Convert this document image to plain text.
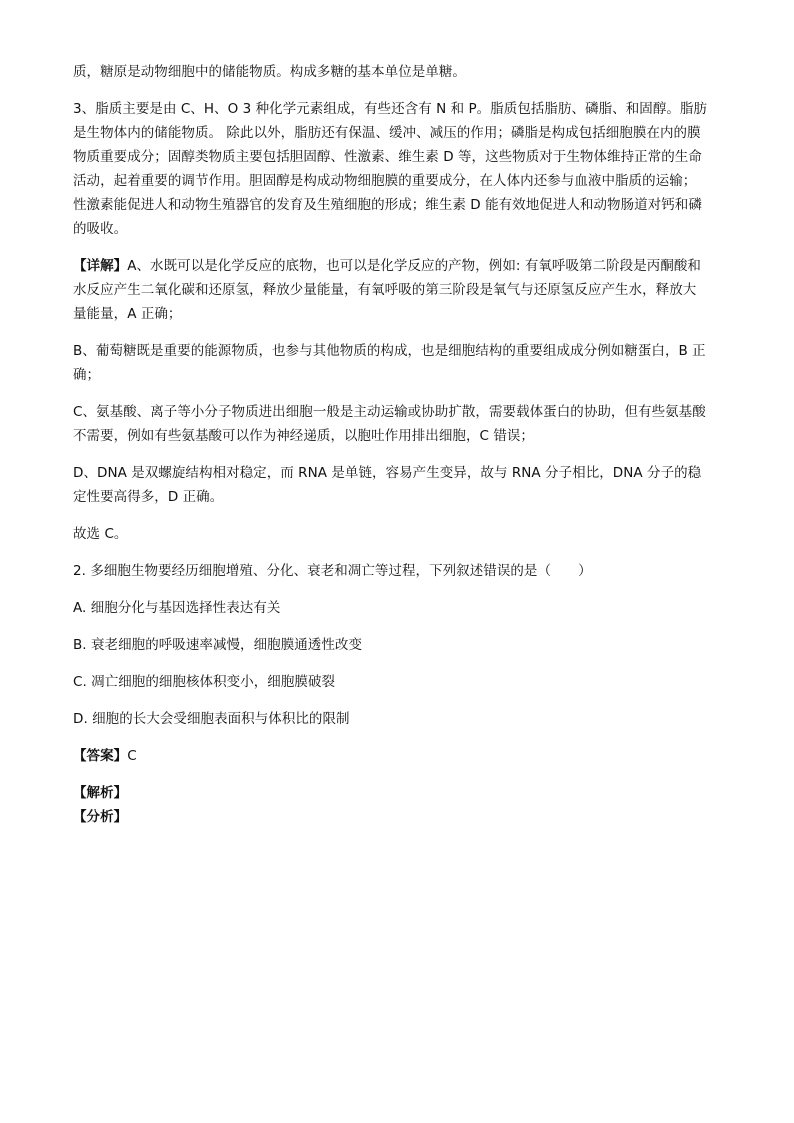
质，糖原是动物细胞中的储能物质。构成多糖的基本单位是单糖。
3、脂质主要是由 C、H、O 3 种化学元素组成，有些还含有 N 和 P。脂质包括脂肪、磷脂、和固醇。脂肪
是生物体内的储能物质。 除此以外，脂肪还有保温、缓冲、减压的作用；磷脂是构成包括细胞膜在内的膜
物质重要成分；固醇类物质主要包括胆固醇、性激素、维生素 D 等，这些物质对于生物体维持正常的生命
活动，起着重要的调节作用。胆固醇是构成动物细胞膜的重要成分，在人体内还参与血液中脂质的运输；
性激素能促进人和动物生殖器官的发育及生殖细胞的形成；维生素 D 能有效地促进人和动物肠道对钙和磷
的吸收。
【详解】A、水既可以是化学反应的底物，也可以是化学反应的产物，例如: 有氧呼吸第二阶段是丙酮酸和
水反应产生二氧化碳和还原氢，释放少量能量，有氧呼吸的第三阶段是氧气与还原氢反应产生水，释放大
量能量，A 正确；
B、葡萄糖既是重要的能源物质，也参与其他物质的构成，也是细胞结构的重要组成成分例如糖蛋白，B 正
确；
C、氨基酸、离子等小分子物质进出细胞一般是主动运输或协助扩散，需要载体蛋白的协助，但有些氨基酸
不需要，例如有些氨基酸可以作为神经递质，以胞吐作用排出细胞，C 错误；
D、DNA 是双螺旋结构相对稳定，而 RNA 是单链，容易产生变异，故与 RNA 分子相比，DNA 分子的稳
定性要高得多，D 正确。
故选 C。
2. 多细胞生物要经历细胞增殖、分化、衰老和凋亡等过程，下列叙述错误的是（　　）
A. 细胞分化与基因选择性表达有关
B. 衰老细胞的呼吸速率减慢，细胞膜通透性改变
C. 凋亡细胞的细胞核体积变小，细胞膜破裂
D. 细胞的长大会受细胞表面积与体积比的限制
【答案】C
【解析】
【分析】
